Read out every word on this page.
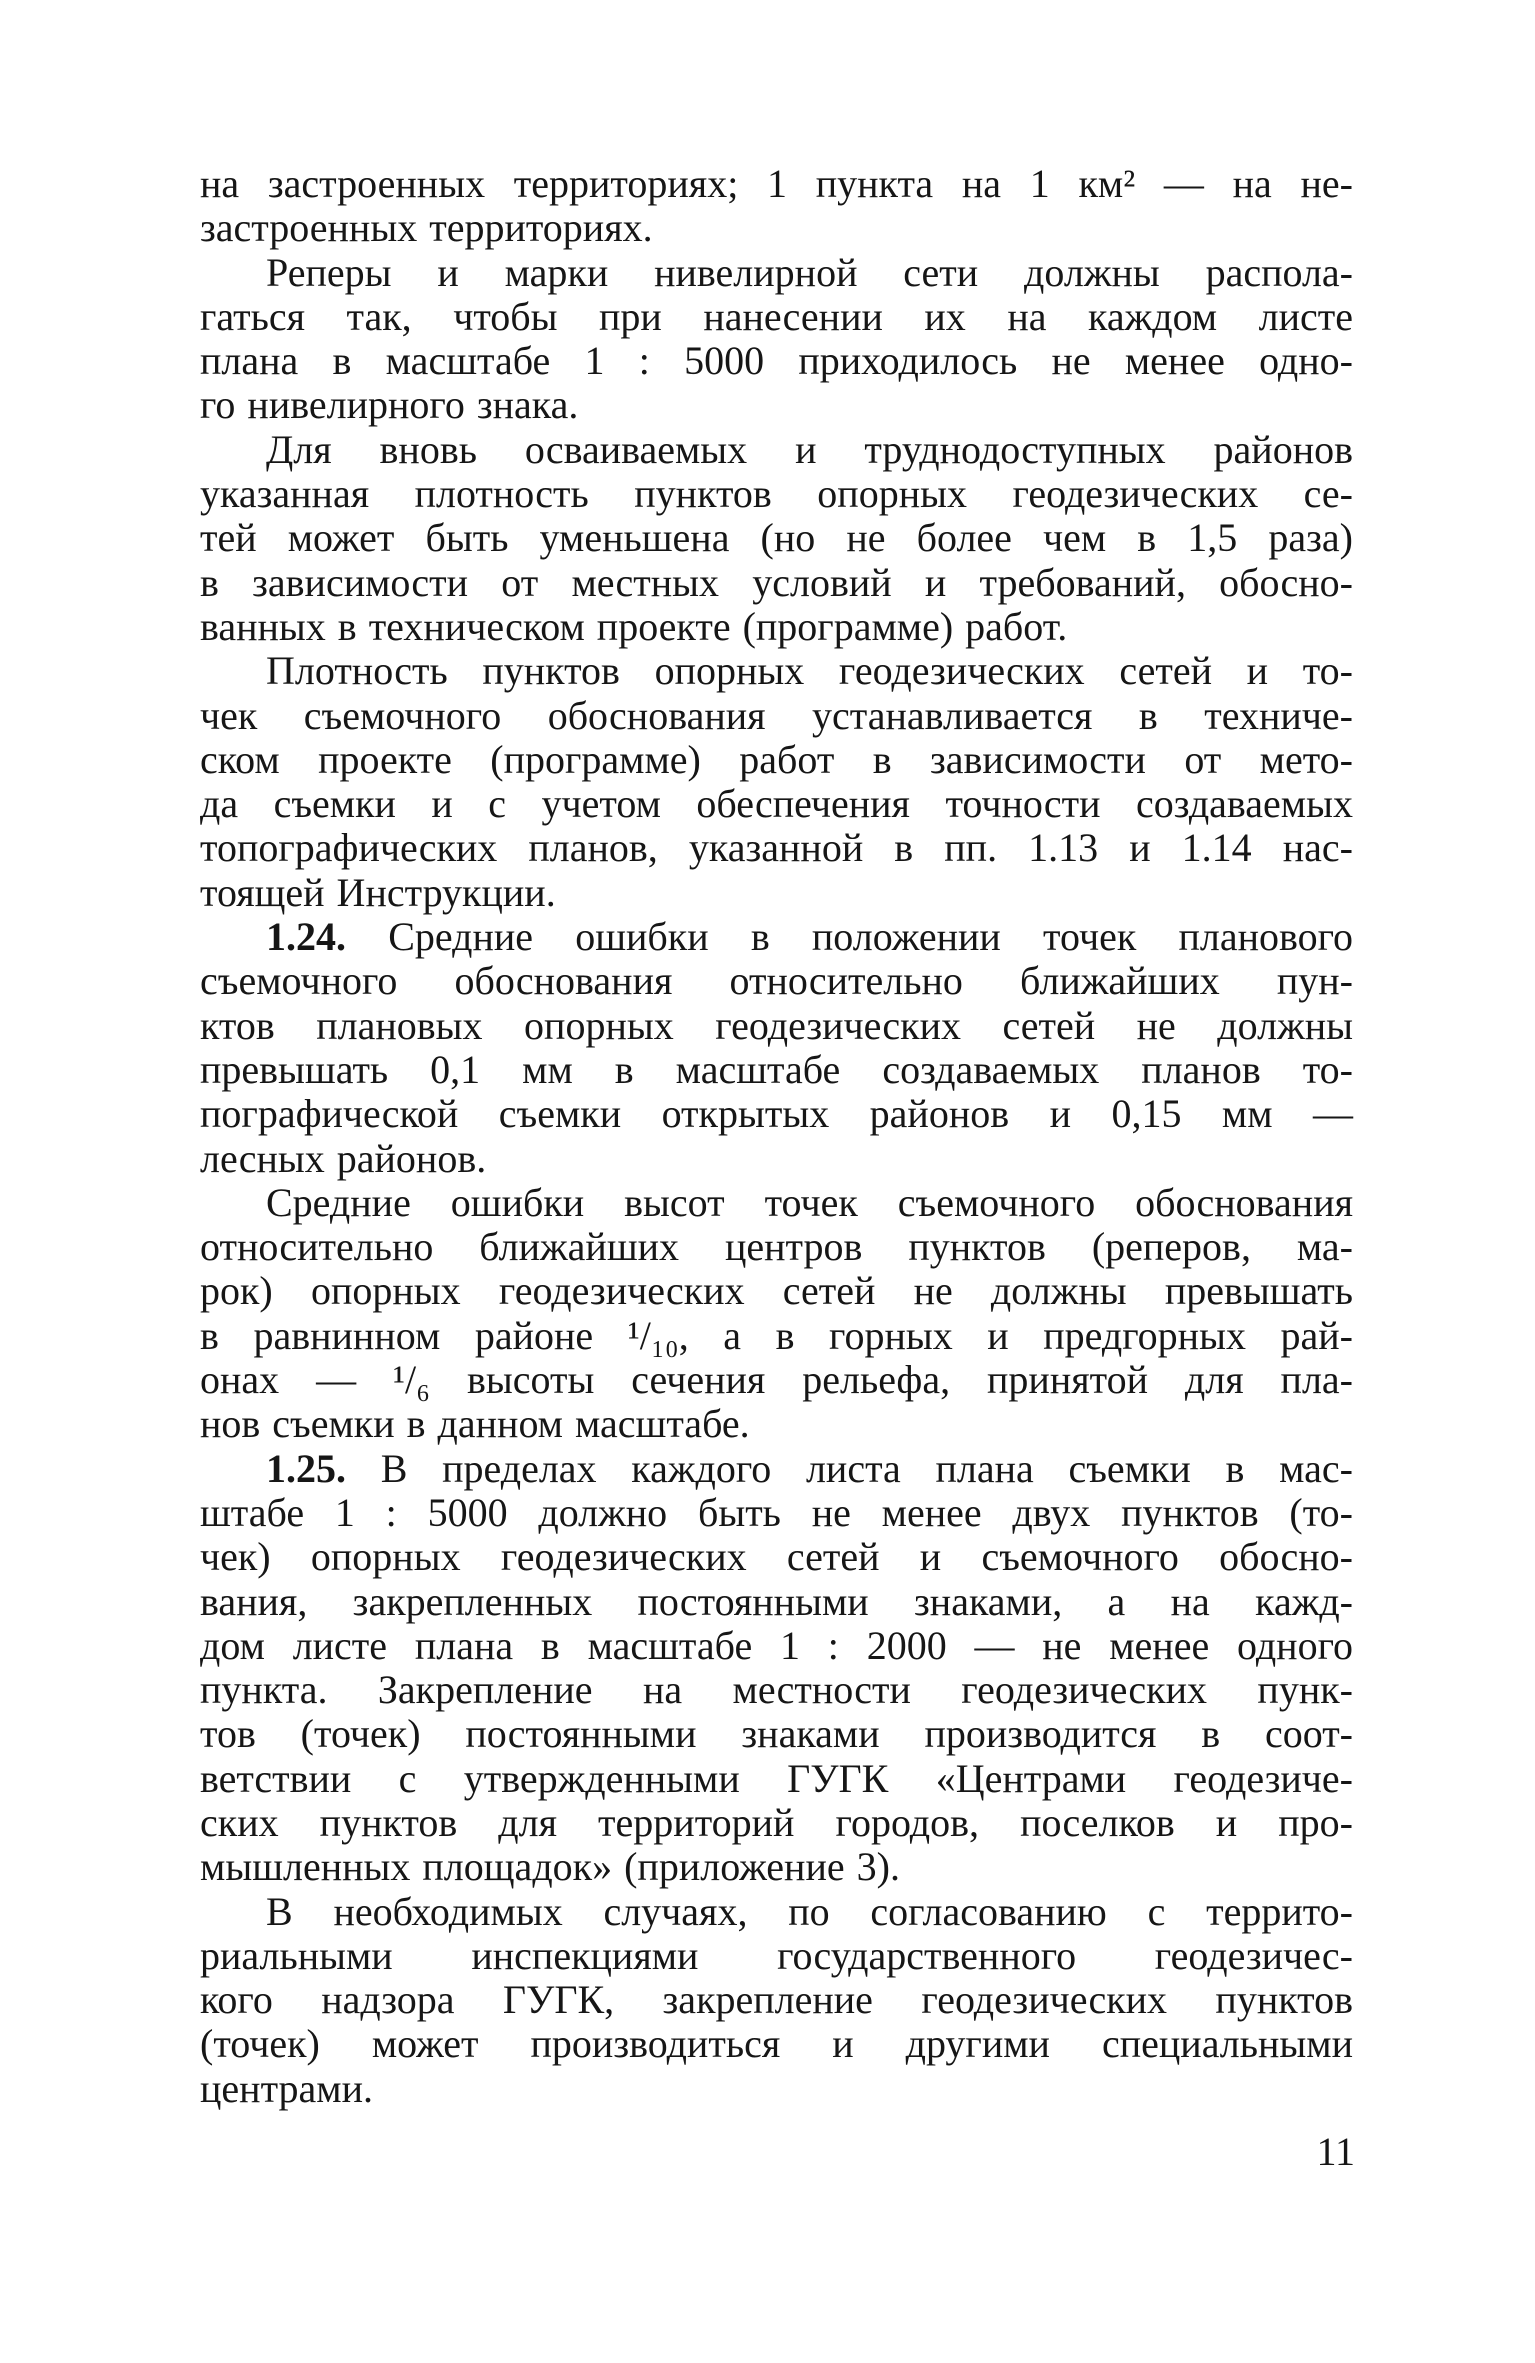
на застроенных территориях; 1 пункта на 1 км² — на не-
застроенных территориях.
Реперы и марки нивелирной сети должны распола-
гаться так, чтобы при нанесении их на каждом листе
плана в масштабе 1 : 5000 приходилось не менее одно-
го нивелирного знака.
Для вновь осваиваемых и труднодоступных районов
указанная плотность пунктов опорных геодезических се-
тей может быть уменьшена (но не более чем в 1,5 раза)
в зависимости от местных условий и требований, обосно-
ванных в техническом проекте (программе) работ.
Плотность пунктов опорных геодезических сетей и то-
чек съемочного обоснования устанавливается в техниче-
ском проекте (программе) работ в зависимости от мето-
да съемки и с учетом обеспечения точности создаваемых
топографических планов, указанной в пп. 1.13 и 1.14 нас-
тоящей Инструкции.
1.24. Средние ошибки в положении точек планового
съемочного обоснования относительно ближайших пун-
ктов плановых опорных геодезических сетей не должны
превышать 0,1 мм в масштабе создаваемых планов то-
пографической съемки открытых районов и 0,15 мм —
лесных районов.
Средние ошибки высот точек съемочного обоснования
относительно ближайших центров пунктов (реперов, ма-
рок) опорных геодезических сетей не должны превышать
в равнинном районе ¹/₁₀, а в горных и предгорных рай-
онах — ¹/₆ высоты сечения рельефа, принятой для пла-
нов съемки в данном масштабе.
1.25. В пределах каждого листа плана съемки в мас-
штабе 1 : 5000 должно быть не менее двух пунктов (то-
чек) опорных геодезических сетей и съемочного обосно-
вания, закрепленных постоянными знаками, а на кажд-
дом листе плана в масштабе 1 : 2000 — не менее одного
пункта. Закрепление на местности геодезических пунк-
тов (точек) постоянными знаками производится в соот-
ветствии с утвержденными ГУГК «Центрами геодезиче-
ских пунктов для территорий городов, поселков и про-
мышленных площадок» (приложение 3).
В необходимых случаях, по согласованию с террито-
риальными инспекциями государственного геодезичес-
кого надзора ГУГК, закрепление геодезических пунктов
(точек) может производиться и другими специальными
центрами.
11
